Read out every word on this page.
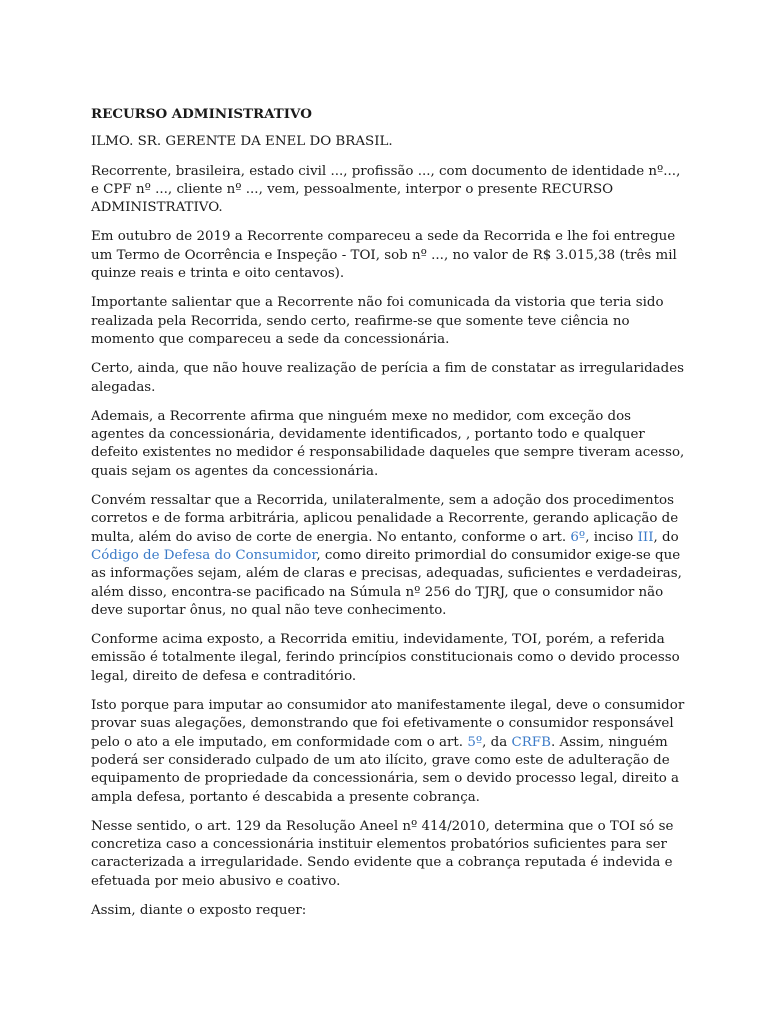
RECURSO ADMINISTRATIVO

ILMO. SR. GERENTE DA ENEL DO BRASIL.

Recorrente, brasileira, estado civil ..., profissão ..., com documento de identidade nº..., e CPF nº ..., cliente nº ..., vem, pessoalmente, interpor o presente RECURSO ADMINISTRATIVO.

Em outubro de 2019 a Recorrente compareceu a sede da Recorrida e lhe foi entregue um Termo de Ocorrência e Inspeção - TOI, sob nº ..., no valor de R$ 3.015,38 (três mil quinze reais e trinta e oito centavos).

Importante salientar que a Recorrente não foi comunicada da vistoria que teria sido realizada pela Recorrida, sendo certo, reafirme-se que somente teve ciência no momento que compareceu a sede da concessionária.

Certo, ainda, que não houve realização de perícia a fim de constatar as irregularidades alegadas.

Ademais, a Recorrente afirma que ninguém mexe no medidor, com exceção dos agentes da concessionária, devidamente identificados, , portanto todo e qualquer defeito existentes no medidor é responsabilidade daqueles que sempre tiveram acesso, quais sejam os agentes da concessionária.

Convém ressaltar que a Recorrida, unilateralmente, sem a adoção dos procedimentos corretos e de forma arbitrária, aplicou penalidade a Recorrente, gerando aplicação de multa, além do aviso de corte de energia. No entanto, conforme o art. 6º, inciso III, do Código de Defesa do Consumidor, como direito primordial do consumidor exige-se que as informações sejam, além de claras e precisas, adequadas, suficientes e verdadeiras, além disso, encontra-se pacificado na Súmula nº 256 do TJRJ, que o consumidor não deve suportar ônus, no qual não teve conhecimento.

Conforme acima exposto, a Recorrida emitiu, indevidamente, TOI, porém, a referida emissão é totalmente ilegal, ferindo princípios constitucionais como o devido processo legal, direito de defesa e contraditório.

Isto porque para imputar ao consumidor ato manifestamente ilegal, deve o consumidor provar suas alegações, demonstrando que foi efetivamente o consumidor responsável pelo o ato a ele imputado, em conformidade com o art. 5º, da CRFB. Assim, ninguém poderá ser considerado culpado de um ato ilícito, grave como este de adulteração de equipamento de propriedade da concessionária, sem o devido processo legal, direito a ampla defesa, portanto é descabida a presente cobrança.

Nesse sentido, o art. 129 da Resolução Aneel nº 414/2010, determina que o TOI só se concretiza caso a concessionária instituir elementos probatórios suficientes para ser caracterizada a irregularidade. Sendo evidente que a cobrança reputada é indevida e efetuada por meio abusivo e coativo.

Assim, diante o exposto requer:
